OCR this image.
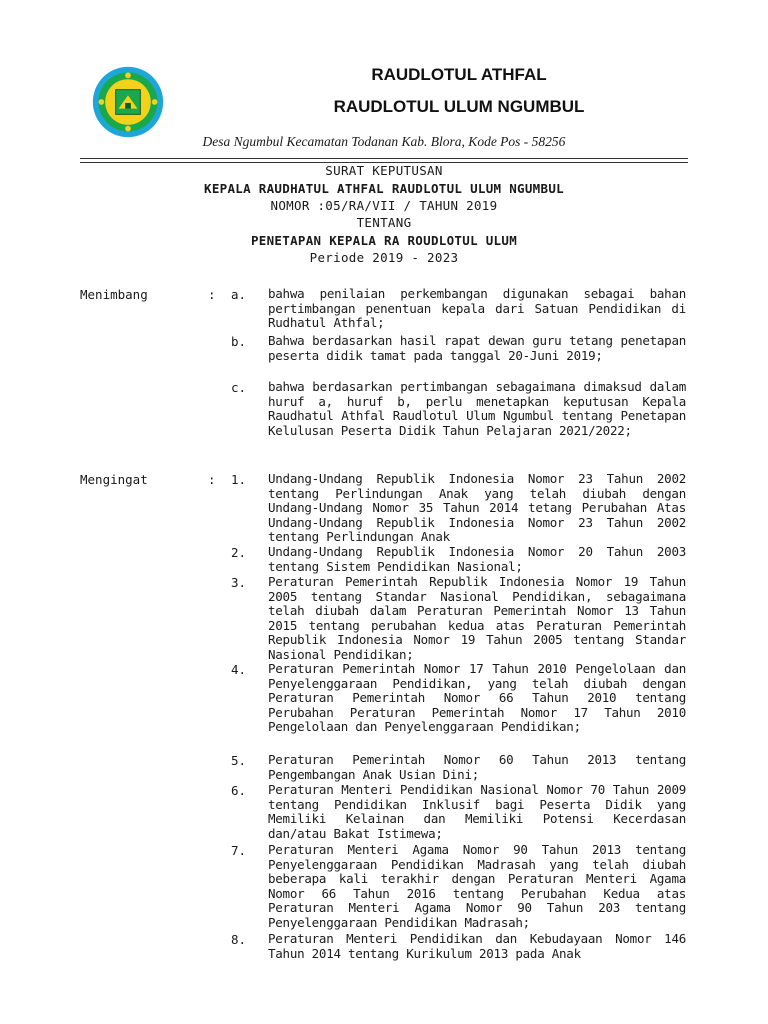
RAUDLOTUL ATHFAL
RAUDLOTUL ULUM NGUMBUL
Desa Ngumbul Kecamatan Todanan Kab. Blora, Kode Pos - 58256
SURAT KEPUTUSAN
KEPALA RAUDHATUL ATHFAL RAUDLOTUL ULUM NGUMBUL
NOMOR :05/RA/VII / TAHUN 2019
TENTANG
PENETAPAN KEPALA RA ROUDLOTUL ULUM
Periode 2019 - 2023
Menimbang	: a. bahwa penilaian perkembangan digunakan sebagai bahan pertimbangan penentuan kepala dari Satuan Pendidikan di Rudhatul Athfal;
b. Bahwa berdasarkan hasil rapat dewan guru tetang penetapan peserta didik tamat pada tanggal 20-Juni 2019;
c. bahwa berdasarkan pertimbangan sebagaimana dimaksud dalam huruf a, huruf b, perlu menetapkan keputusan Kepala Raudhatul Athfal Raudlotul Ulum Ngumbul tentang Penetapan Kelulusan Peserta Didik Tahun Pelajaran 2021/2022;
Mengingat	: 1. Undang-Undang Republik Indonesia Nomor 23 Tahun 2002 tentang Perlindungan Anak yang telah diubah dengan Undang-Undang Nomor 35 Tahun 2014 tetang Perubahan Atas Undang-Undang Republik Indonesia Nomor 23 Tahun 2002 tentang Perlindungan Anak
2. Undang-Undang Republik Indonesia Nomor 20 Tahun 2003 tentang Sistem Pendidikan Nasional;
3. Peraturan Pemerintah Republik Indonesia Nomor 19 Tahun 2005 tentang Standar Nasional Pendidikan, sebagaimana telah diubah dalam Peraturan Pemerintah Nomor 13 Tahun 2015 tentang perubahan kedua atas Peraturan Pemerintah Republik Indonesia Nomor 19 Tahun 2005 tentang Standar Nasional Pendidikan;
4. Peraturan Pemerintah Nomor 17 Tahun 2010 Pengelolaan dan Penyelenggaraan Pendidikan, yang telah diubah dengan Peraturan Pemerintah Nomor 66 Tahun 2010 tentang Perubahan Peraturan Pemerintah Nomor 17 Tahun 2010 Pengelolaan dan Penyelenggaraan Pendidikan;
5. Peraturan Pemerintah Nomor 60 Tahun 2013 tentang Pengembangan Anak Usian Dini;
6. Peraturan Menteri Pendidikan Nasional Nomor 70 Tahun 2009 tentang Pendidikan Inklusif bagi Peserta Didik yang Memiliki Kelainan dan Memiliki Potensi Kecerdasan dan/atau Bakat Istimewa;
7. Peraturan Menteri Agama Nomor 90 Tahun 2013 tentang Penyelenggaraan Pendidikan Madrasah yang telah diubah beberapa kali terakhir dengan Peraturan Menteri Agama Nomor 66 Tahun 2016 tentang Perubahan Kedua atas Peraturan Menteri Agama Nomor 90 Tahun 203 tentang Penyelenggaraan Pendidikan Madrasah;
8. Peraturan Menteri Pendidikan dan Kebudayaan Nomor 146 Tahun 2014 tentang Kurikulum 2013 pada Anak
